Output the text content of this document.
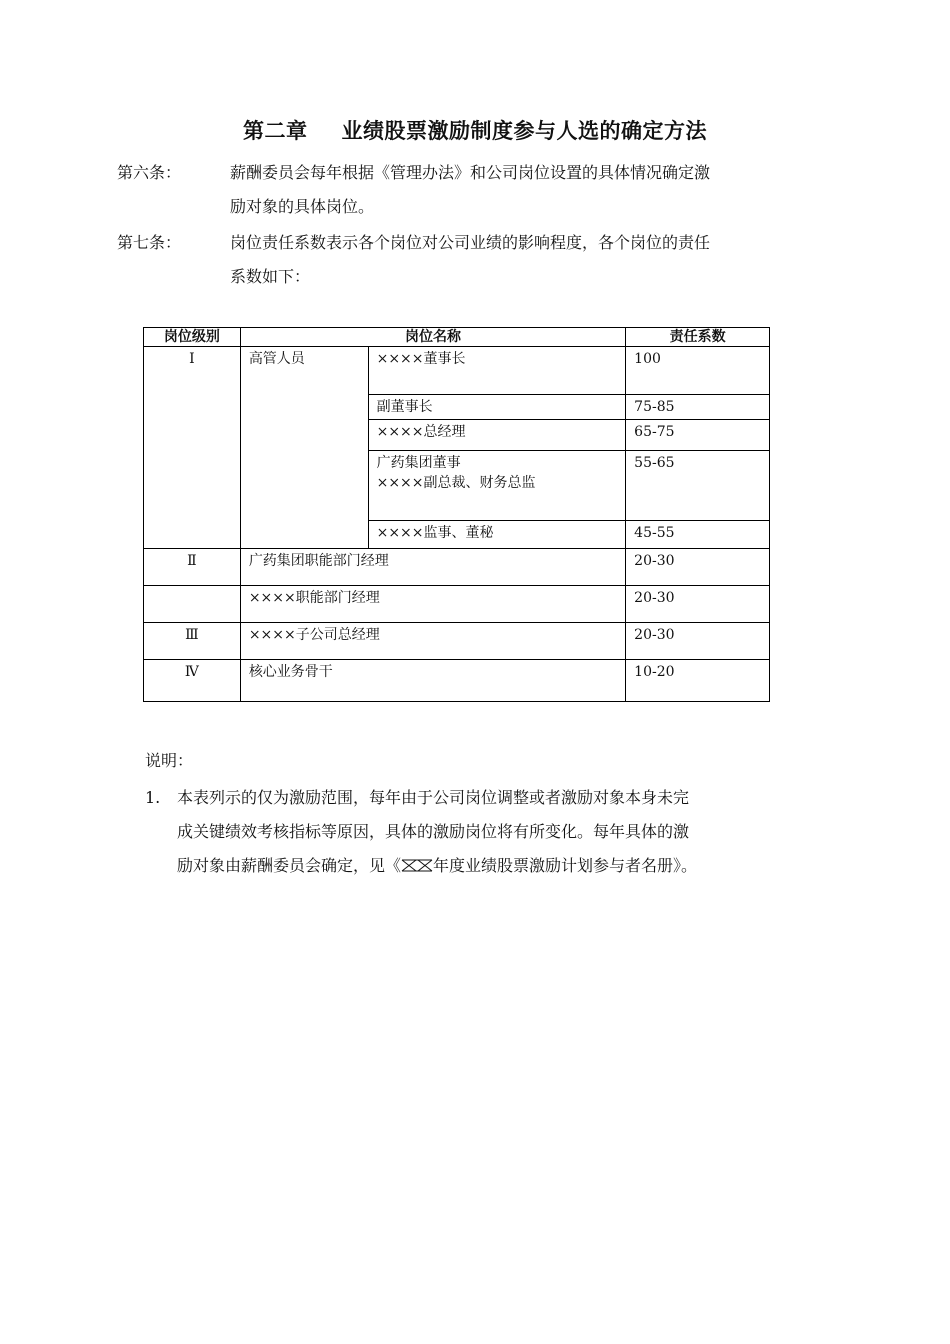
第二章 业绩股票激励制度参与人选的确定方法
第六条：	薪酬委员会每年根据《管理办法》和公司岗位设置的具体情况确定激
励对象的具体岗位。
第七条：	岗位责任系数表示各个岗位对公司业绩的影响程度，各个岗位的责任
系数如下：
岗位级别	岗位名称		责任系数
Ⅰ	高管人员	××××董事长	100
		副董事长	75-85
		××××总经理	65-75

		广药集团董事
××××副总裁、财务总监	55-65
		××××监事、董秘	45-55
Ⅱ	广药集团职能部门经理		20-30
	××××职能部门经理		20-30
Ⅲ	××××子公司总经理		20-30
Ⅳ	核心业务骨干		10-20
说明：
1. 本表列示的仅为激励范围，每年由于公司岗位调整或者激励对象本身未完
成关键绩效考核指标等原因，具体的激励岗位将有所变化。每年具体的激
励对象由薪酬委员会确定，见《 年度业绩股票激励计划参与者名册》。
